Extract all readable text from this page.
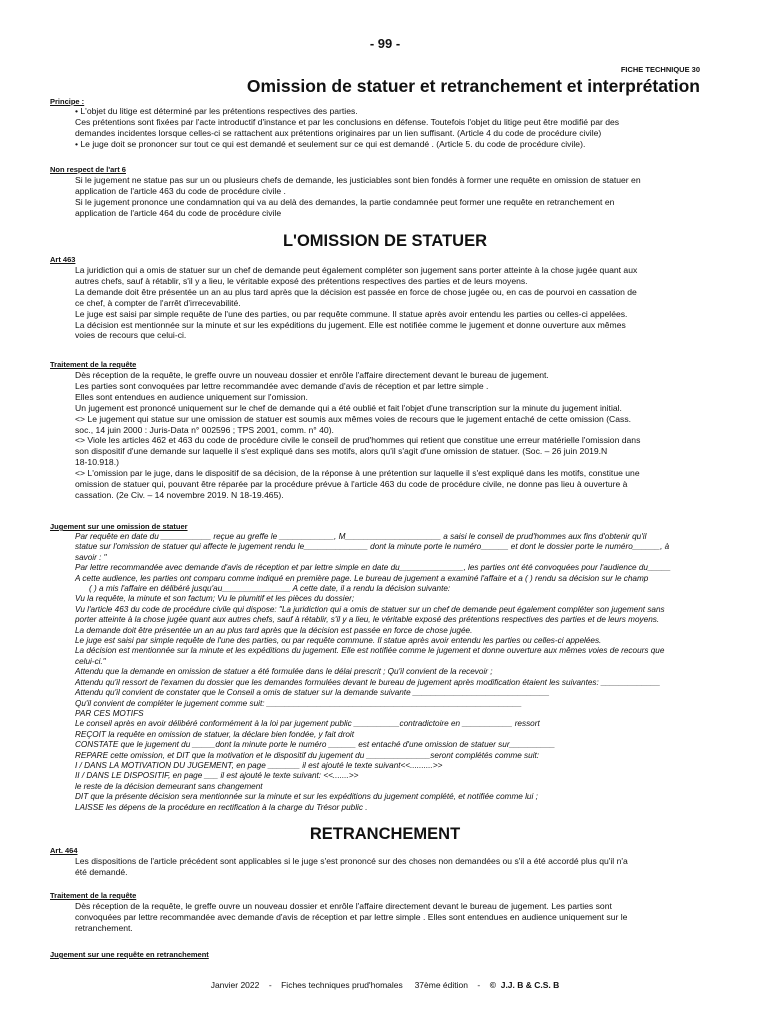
- 99 -
FICHE TECHNIQUE 30
Omission de statuer et retranchement et interprétation
Principe :

• L'objet du litige est déterminé par les prétentions respectives des parties.

Ces prétentions sont fixées par l'acte introductif d'instance et par les conclusions en défense. Toutefois l'objet du litige peut être modifié par des

demandes incidentes lorsque celles-ci se rattachent aux prétentions originaires par un lien suffisant. (Article 4 du code de procédure civile)

• Le juge doit se prononcer sur tout ce qui est demandé et seulement sur ce qui est demandé . (Article 5. du code de procédure civile).

Non respect de l'art 6

Si le jugement ne statue pas sur un ou plusieurs chefs de demande, les justiciables sont bien fondés à former une requête en omission de statuer en

application de l'article 463 du code de procédure civile .

Si le jugement prononce une condamnation qui va au delà des demandes, la partie condamnée peut former une requête en retranchement en

application de l'article 464 du code de procédure civile

L'OMISSION DE STATUER
Art 463

La juridiction qui a omis de statuer sur un chef de demande peut également compléter son jugement sans porter atteinte à la chose jugée quant aux

autres chefs, sauf à rétablir, s'il y a lieu, le véritable exposé des prétentions respectives des parties et de leurs moyens.

La demande doit être présentée un an au plus tard après que la décision est passée en force de chose jugée ou, en cas de pourvoi en cassation de

ce chef, à compter de l'arrêt d'irrecevabilité.

Le juge est saisi par simple requête de l'une des parties, ou par requête commune. Il statue après avoir entendu les parties ou celles-ci appelées.

La décision est mentionnée sur la minute et sur les expéditions du jugement. Elle est notifiée comme le jugement et donne ouverture aux mêmes

voies de recours que celui-ci.

Traitement de la requête

Dès réception de la requête, le greffe ouvre un nouveau dossier et enrôle l'affaire directement devant le bureau de jugement.

Les parties sont convoquées par lettre recommandée avec demande d'avis de réception et par lettre simple .

Elles sont entendues en audience uniquement sur l'omission.

Un jugement est prononcé uniquement sur le chef de demande qui a été oublié et fait l'objet d'une transcription sur la minute du jugement initial.

<> Le jugement qui statue sur une omission de statuer est soumis aux mêmes voies de recours que le jugement entaché de cette omission (Cass.

soc., 14 juin 2000 : Juris-Data n° 002596 ; TPS 2001, comm. n° 40).

<> Viole les articles 462 et 463 du code de procédure civile le conseil de prud'hommes qui retient que constitue une erreur matérielle l'omission dans

son dispositif d'une demande sur laquelle il s'est expliqué dans ses motifs, alors qu'il s'agit d'une omission de statuer. (Soc. – 26 juin 2019.N

18-10.918.)

<> L'omission par le juge, dans le dispositif de sa décision, de la réponse à une prétention sur laquelle il s'est expliqué dans les motifs, constitue une

omission de statuer qui, pouvant être réparée par la procédure prévue à l'article 463 du code de procédure civile, ne donne pas lieu à ouverture à

cassation. (2e Civ. – 14 novembre 2019. N 18-19.465).

Jugement sur une omission de statuer

Par requête en date du ___________ reçue au greffe le ____________, M_____________________ a saisi le conseil de prud'hommes aux fins d'obtenir qu'il

statue sur l'omission de statuer qui affecte le jugement rendu le______________ dont la minute porte le numéro______ et dont le dossier porte le numéro______, à

savoir : "

Par lettre recommandée avec demande d'avis de réception et par lettre simple en date du______________, les parties ont été convoquées pour l'audience du_____

A cette audience, les parties ont comparu comme indiqué en première page. Le bureau de jugement a examiné l'affaire et a ( ) rendu sa décision sur le champ

( ) a mis l'affaire en délibéré jusqu'au_______________ A cette date, il a rendu la décision suivante:

Vu la requête, la minute et son factum; Vu le plumitif et les pièces du dossier;

Vu l'article 463 du code de procédure civile qui dispose: "La juridiction qui a omis de statuer sur un chef de demande peut également compléter son jugement sans

porter atteinte à la chose jugée quant aux autres chefs, sauf à rétablir, s'il y a lieu, le véritable exposé des prétentions respectives des parties et de leurs moyens.

La demande doit être présentée un an au plus tard après que la décision est passée en force de chose jugée.

Le juge est saisi par simple requête de l'une des parties, ou par requête commune. Il statue après avoir entendu les parties ou celles-ci appelées.

La décision est mentionnée sur la minute et les expéditions du jugement. Elle est notifiée comme le jugement et donne ouverture aux mêmes voies de recours que

celui-ci."

Attendu que la demande en omission de statuer a été formulée dans le délai prescrit ; Qu'il convient de la recevoir ;

Attendu qu'il ressort de l'examen du dossier que les demandes formulées devant le bureau de jugement après modification étaient les suivantes: _____________

Attendu qu'il convient de constater que le Conseil a omis de statuer sur la demande suivante ______________________________

Qu'il convient de compléter le jugement comme suit: ________________________________________________________

PAR CES MOTIFS

Le conseil après en avoir délibéré conformément à la loi par jugement public __________contradictoire en ___________ ressort

REÇOIT la requête en omission de statuer, la déclare bien fondée, y fait droit

CONSTATE que le jugement du _____dont la minute porte le numéro ______ est entaché d'une omission de statuer sur__________

REPARE cette omission, et DIT que la motivation et le dispositif du jugement du ______________seront complétés comme suit:

I / DANS LA MOTIVATION DU JUGEMENT, en page _______ il est ajouté le texte suivant<<..........>>

II / DANS LE DISPOSITIF, en page ___ il est ajouté le texte suivant: <<.......>>

le reste de la décision demeurant sans changement

DIT que la présente décision sera mentionnée sur la minute et sur les expéditions du jugement complété, et notifiée comme lui ;

LAISSE les dépens de la procédure en rectification à la charge du Trésor public .

RETRANCHEMENT
Art. 464

Les dispositions de l'article précédent sont applicables si le juge s'est prononcé sur des choses non demandées ou s'il a été accordé plus qu'il n'a

été demandé.

Traitement de la requête

Dès réception de la requête, le greffe ouvre un nouveau dossier et enrôle l'affaire directement devant le bureau de jugement. Les parties sont

convoquées par lettre recommandée avec demande d'avis de réception et par lettre simple . Elles sont entendues en audience uniquement sur le

retranchement.

Jugement sur une requête en retranchement
Janvier 2022 - Fiches techniques prud'homales 37ème édition - © J.J. B & C.S. B
